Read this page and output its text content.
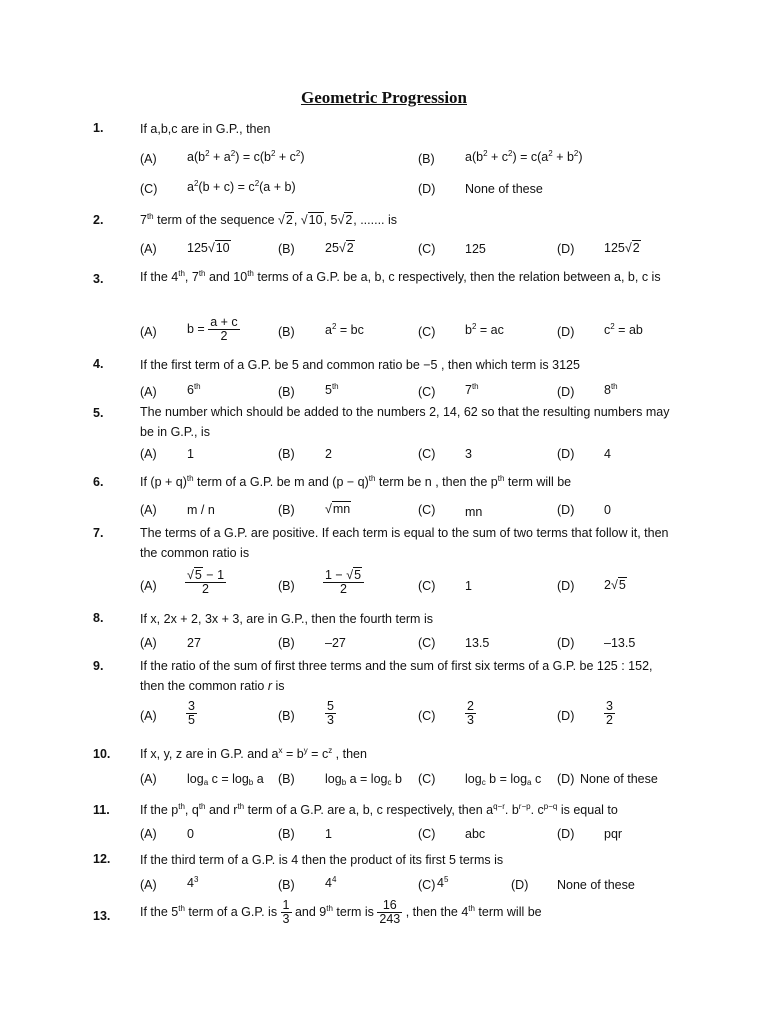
Geometric Progression
1.	If a,b,c are in G.P., then
(A) $a(b^2 + a^2) = c(b^2 + c^2)$	(B) $a(b^2 + c^2) = c(a^2 + b^2)$
(C) $a^2(b + c) = c^2(a + b)$	(D) None of these
2.	7th term of the sequence √2, √10, 5√2, ....... is
(A) 125√10	(B) 25√2	(C) 125	(D) 125√2
3.	If the 4th, 7th and 10th terms of a G.P. be a, b, c respectively, then the relation between a, b, c is
(A) $b = \frac{a + c}{2}$	(B) $a^2$ = bc	(C) $b^2$ = ac	(D) $c^2$ = ab
4.	If the first term of a G.P. be 5 and common ratio be −5 , then which term is 3125
(A) 6th	(B) 5th	(C) 7th	(D) 8th
5.	The number which should be added to the numbers 2, 14, 62 so that the resulting numbers may be in G.P., is
(A) 1	(B) 2	(C) 3	(D) 4
6.	If $(p + q)^{th}$ term of a G.P. be m and $(p - q)^{th}$ term be n , then the $p^{th}$ term will be
(A) m / n	(B) √mn	(C) mn	(D) 0
7.	The terms of a G.P. are positive. If each term is equal to the sum of two terms that follow it, then the common ratio is
$(A) \frac{√5 - 1}{2}$	$(B) \frac{1 - √5}{2}$	(C) 1	(D) 2√5
8.	If x, 2x + 2, 3x + 3, are in G.P., then the fourth term is
(A) 27	(B) –27	(C) 13.5	(D) –13.5
9.	If the ratio of the sum of first three terms and the sum of first six terms of a G.P. be 125 : 152, then the common ratio r is
$(A) \frac{3}{5}$	$(B) \frac{5}{3}$	$(C) \frac{2}{3}$	$(D) \frac{3}{2}$
10. If x, y, z are in G.P. and $a^x = b^y = c^z$ , then
(A) $\log_a c = \log_b a$ (B) $\log_b a = \log_c b$ (C) $\log_c b = \log_a c$ (D) None of these
11. If the $p^{th}$, $q^{th}$ and $r^{th}$ term of a G.P. are a, b, c respectively, then $a^{q-r}$. $b^{r-p}$. $c^{p-q}$ is equal to
(A) 0	(B) 1	(C) abc	(D) pqr
12. If the third term of a G.P. is 4 then the product of its first 5 terms is
(A) $4^3$	(B) $4^4$	(C) $4^5$	(D) None of these
13. If the 5th term of a G.P. is $\frac{1}{3}$ and 9th term is $\frac{16}{243}$ , then the 4th term will be
